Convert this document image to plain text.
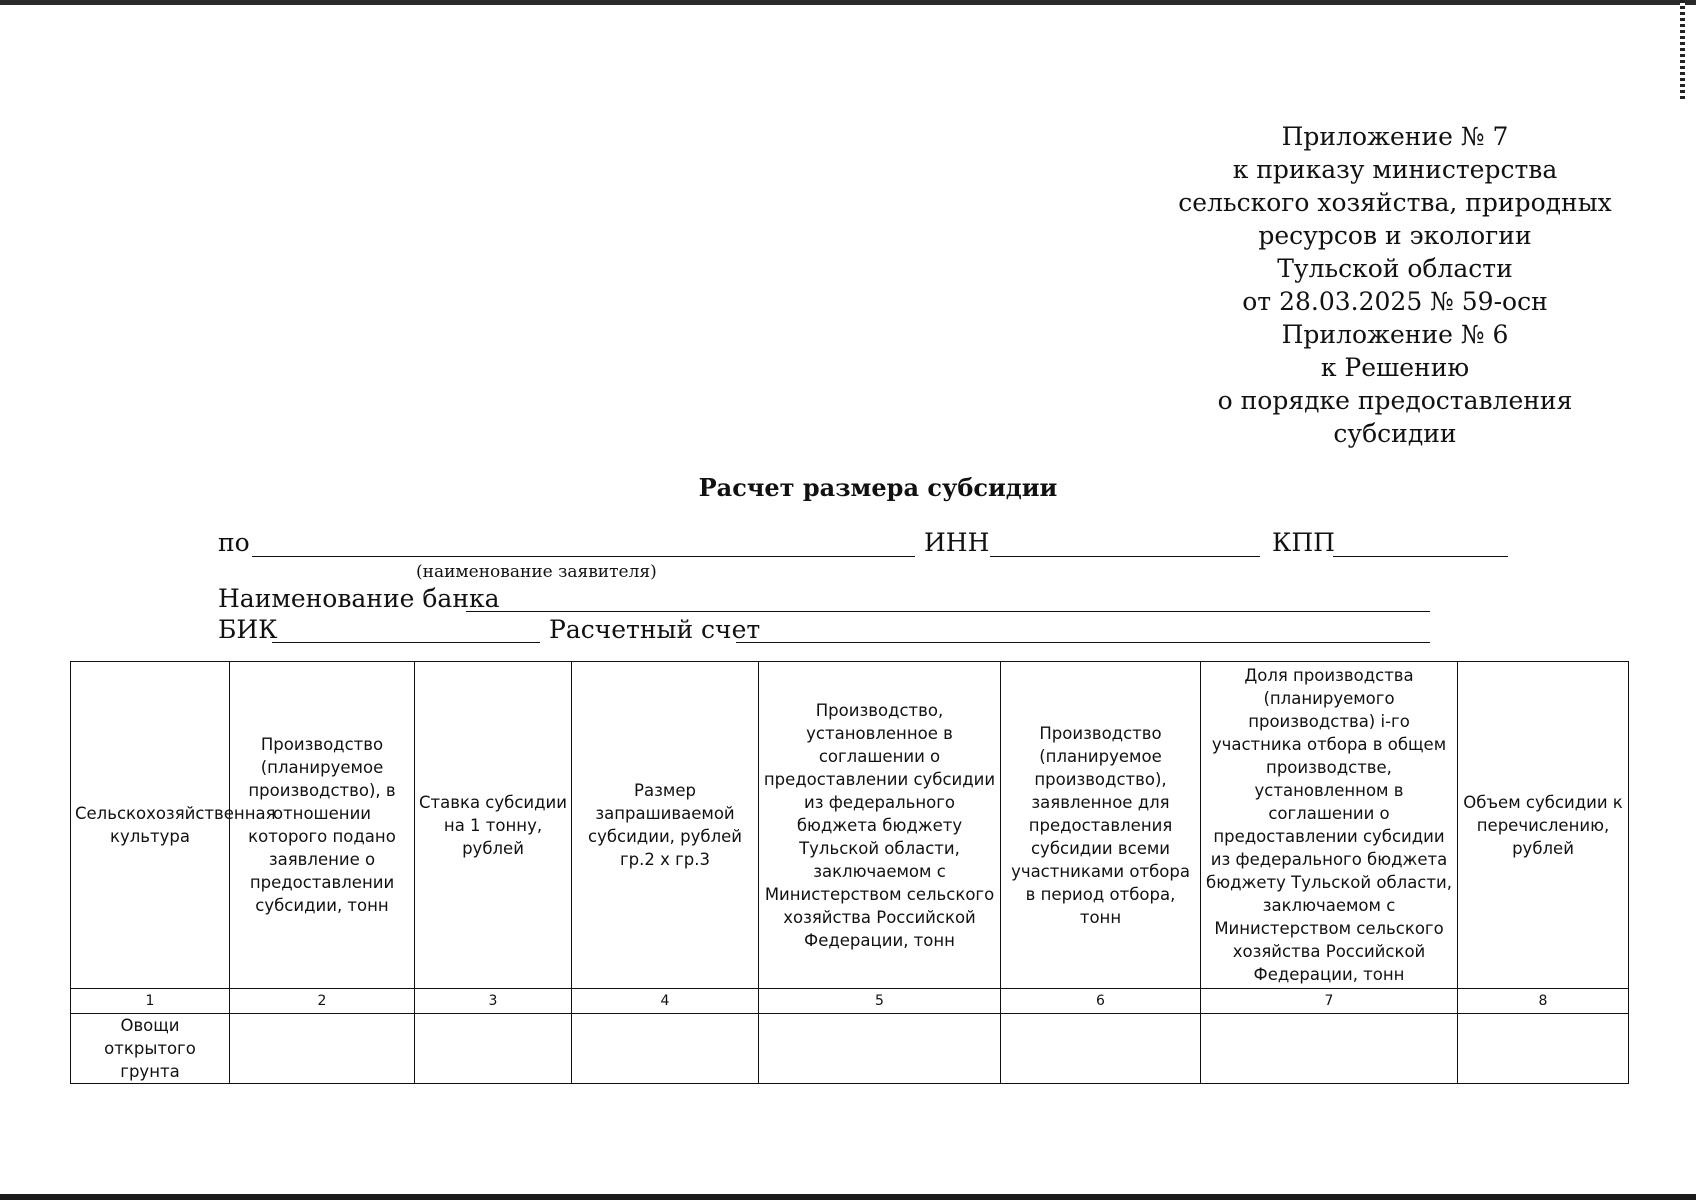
Приложение № 7
к приказу министерства
сельского хозяйства, природных
ресурсов и экологии
Тульской области
от 28.03.2025 № 59-осн
Приложение № 6
к Решению
о порядке предоставления
субсидии
Расчет размера субсидии
по	ИНН	КПП
(наименование заявителя)
Наименование банка
БИК	Расчетный счет
Сельскохозяйственная культура	Производство (планируемое производство), в отношении которого подано заявление о предоставлении субсидии, тонн	Ставка субсидии на 1 тонну, рублей	Размер запрашиваемой субсидии, рублей гр.2 х гр.3	Производство, установленное в соглашении о предоставлении субсидии из федерального бюджета бюджету Тульской области, заключаемом с Министерством сельского хозяйства Российской Федерации, тонн	Производство (планируемое производство), заявленное для предоставления субсидии всеми участниками отбора в период отбора, тонн	Доля производства (планируемого производства) i-го участника отбора в общем производстве, установленном в соглашении о предоставлении субсидии из федерального бюджета бюджету Тульской области, заключаемом с Министерством сельского хозяйства Российской Федерации, тонн	Объем субсидии к перечислению, рублей
1	2	3	4	5	6	7	8
Овощи открытого грунта							
